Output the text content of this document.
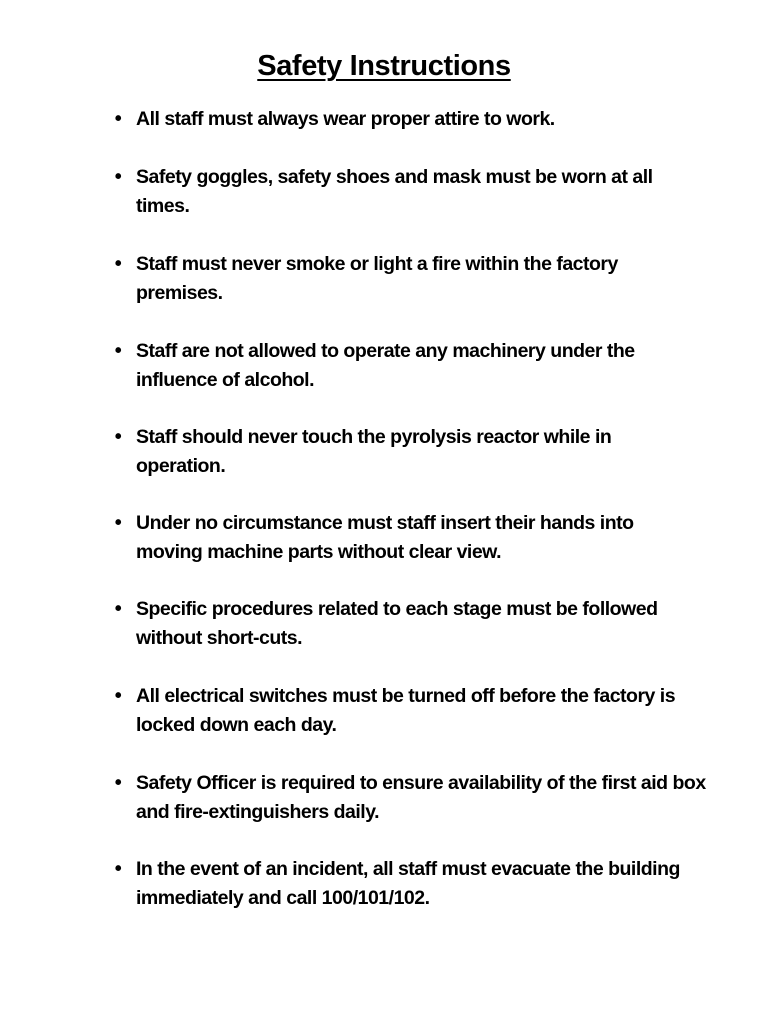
Safety Instructions
• All staff must always wear proper attire to work.
• Safety goggles, safety shoes and mask must be worn at all times.
• Staff must never smoke or light a fire within the factory premises.
• Staff are not allowed to operate any machinery under the influence of alcohol.
• Staff should never touch the pyrolysis reactor while in operation.
• Under no circumstance must staff insert their hands into moving machine parts without clear view.
• Specific procedures related to each stage must be followed without short-cuts.
• All electrical switches must be turned off before the factory is locked down each day.
• Safety Officer is required to ensure availability of the first aid box and fire-extinguishers daily.
• In the event of an incident, all staff must evacuate the building immediately and call 100/101/102.
